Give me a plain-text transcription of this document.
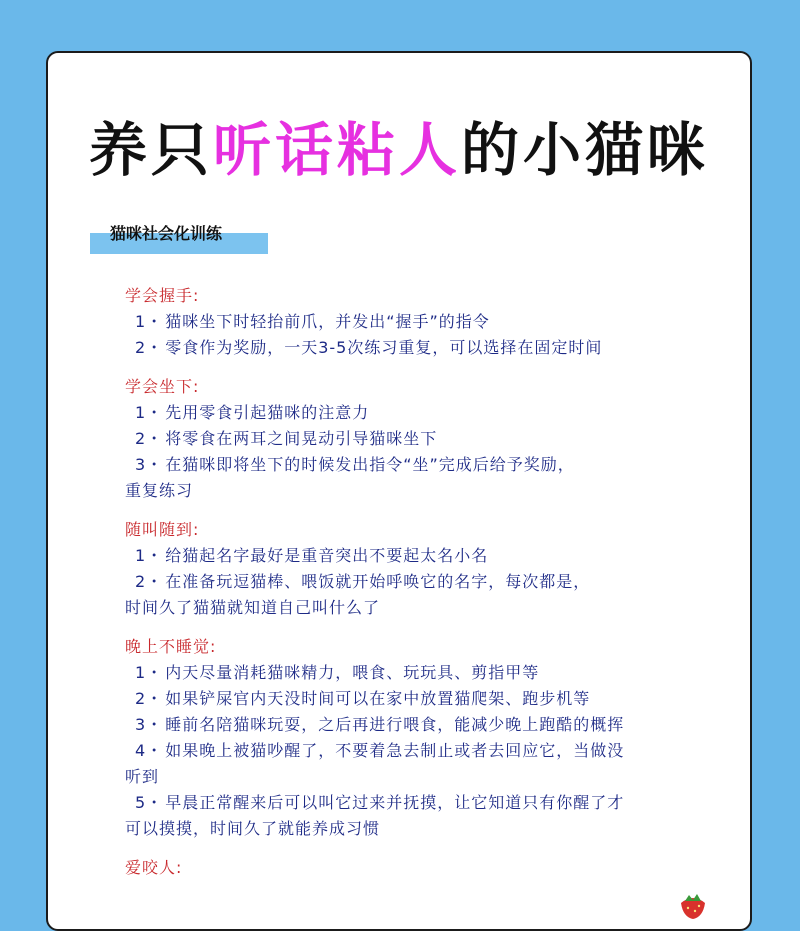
养只听话粘人的小猫咪
猫咪社会化训练
学会握手:
1・ 猫咪坐下时轻抬前爪，并发出“握手”的指令
2・ 零食作为奖励，一天3-5次练习重复，可以选择在固定时间
学会坐下:
1・ 先用零食引起猫咪的注意力
2・ 将零食在两耳之间晃动引导猫咪坐下
3・ 在猫咪即将坐下的时候发出指令“坐”完成后给予奖励，
重复练习
随叫随到:
1・ 给猫起名字最好是重音突出不要起太名小名
2・ 在准备玩逗猫棒、喂饭就开始呼唤它的名字，每次都是，
时间久了猫猫就知道自己叫什么了
晚上不睡觉:
1・ 内天尽量消耗猫咪精力，喂食、玩玩具、剪指甲等
2・ 如果铲屎官内天没时间可以在家中放置猫爬架、跑步机等
3・ 睡前名陪猫咪玩耍，之后再进行喂食，能减少晚上跑酷的概挥
4・ 如果晚上被猫吵醒了，不要着急去制止或者去回应它，当做没
听到
5・ 早晨正常醒来后可以叫它过来并抚摸，让它知道只有你醒了才
可以摸摸，时间久了就能养成习惯
爱咬人:
